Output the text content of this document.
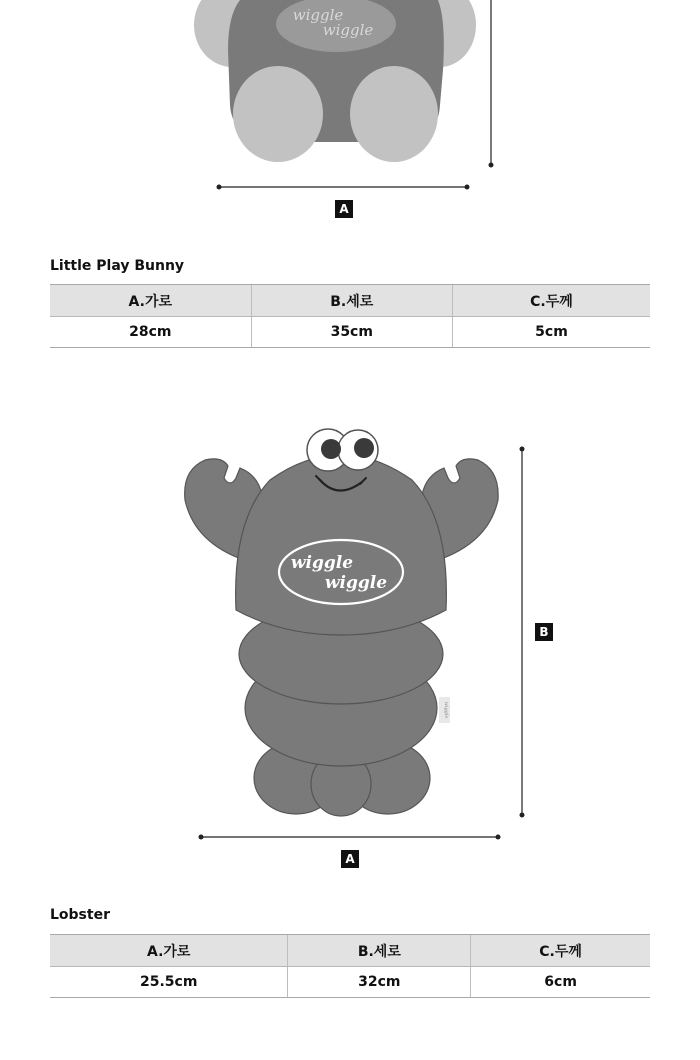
wiggle
wiggle
A
Little Play Bunny
A.가로	B.세로	C.두께
28cm	35cm	5cm
wiggle
wiggle
wiggle
B
A
Lobster
A.가로	B.세로	C.두께
25.5cm	32cm	6cm
